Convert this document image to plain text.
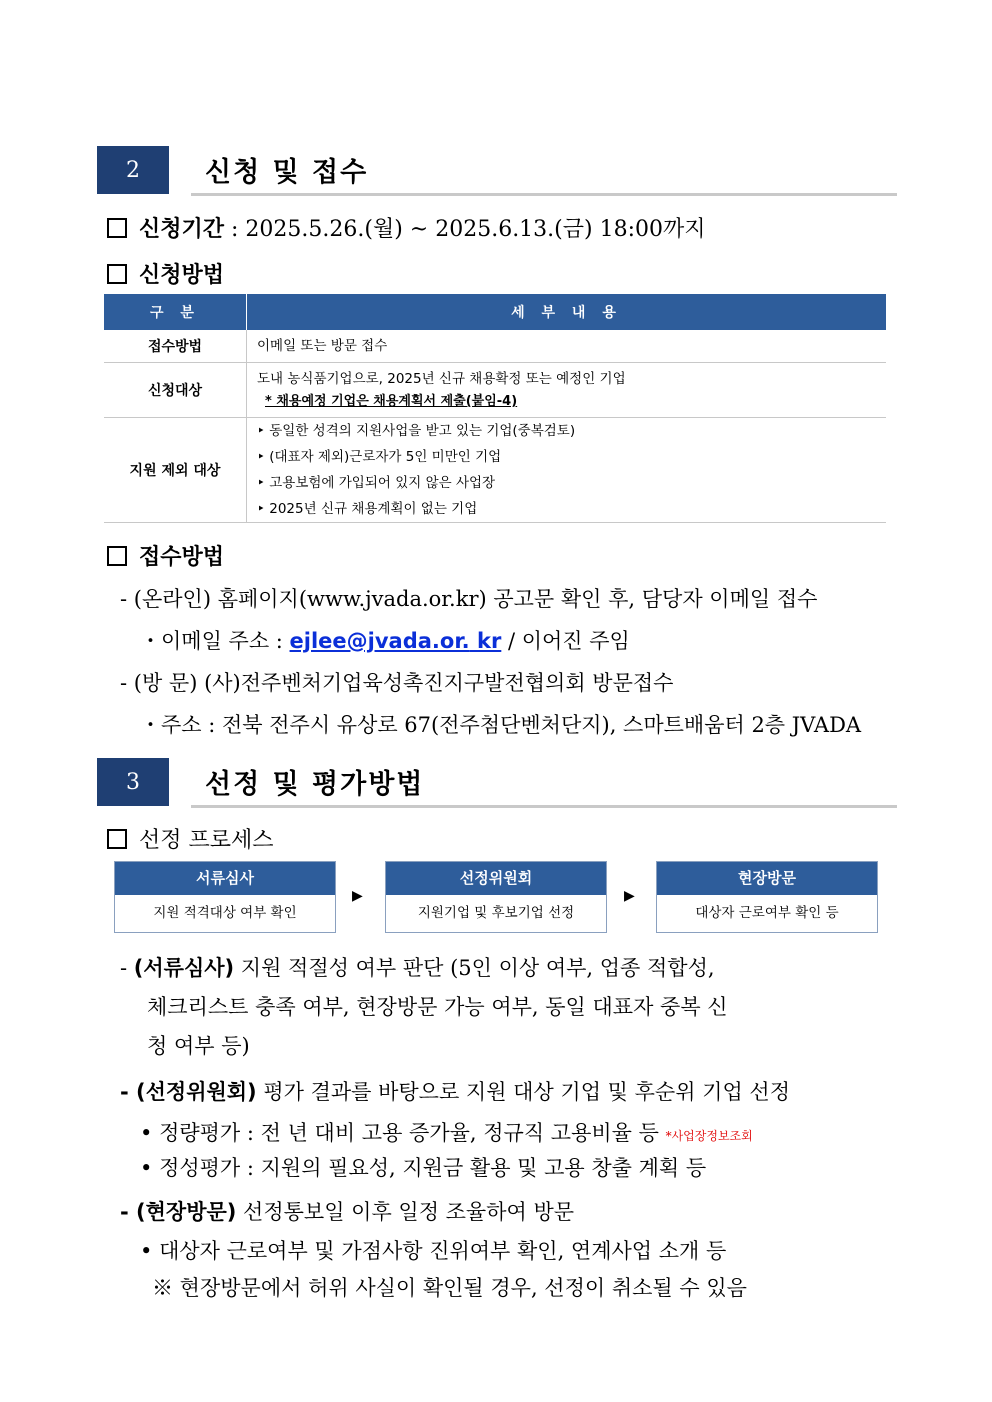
2	신청 및 접수
신청기간 : 2025.5.26.(월) ~ 2025.6.13.(금) 18:00까지
신청방법
구 분	세 부 내 용
접수방법	이메일 또는 방문 접수

신청대상	도내 농식품기업으로, 2025년 신규 채용확정 또는 예정인 기업
* 채용예정 기업은 채용계획서 제출(붙임-4)

지원 제외 대상	‣ 동일한 성격의 지원사업을 받고 있는 기업(중복검토)
‣ (대표자 제외)근로자가 5인 미만인 기업
‣ 고용보험에 가입되어 있지 않은 사업장
‣ 2025년 신규 채용계획이 없는 기업
접수방법
- (온라인) 홈페이지(www.jvada.or.kr) 공고문 확인 후, 담당자 이메일 접수
・이메일 주소 : ejlee@jvada.or. kr / 이어진 주임
- (방 문) (사)전주벤처기업육성촉진지구발전협의회 방문접수
・주소 : 전북 전주시 유상로 67(전주첨단벤처단지), 스마트배움터 2층 JVADA
3	선정 및 평가방법
선정 프로세스
서류심사
지원 적격대상 여부 확인
▶
선정위원회
지원기업 및 후보기업 선정
▶
현장방문
대상자 근로여부 확인 등
- (서류심사) 지원 적절성 여부 판단 (5인 이상 여부, 업종 적합성,
체크리스트 충족 여부, 현장방문 가능 여부, 동일 대표자 중복 신
청 여부 등)
- (선정위원회) 평가 결과를 바탕으로 지원 대상 기업 및 후순위 기업 선정
• 정량평가 : 전 년 대비 고용 증가율, 정규직 고용비율 등 *사업장정보조회
• 정성평가 : 지원의 필요성, 지원금 활용 및 고용 창출 계획 등
- (현장방문) 선정통보일 이후 일정 조율하여 방문
• 대상자 근로여부 및 가점사항 진위여부 확인, 연계사업 소개 등
※ 현장방문에서 허위 사실이 확인될 경우, 선정이 취소될 수 있음
